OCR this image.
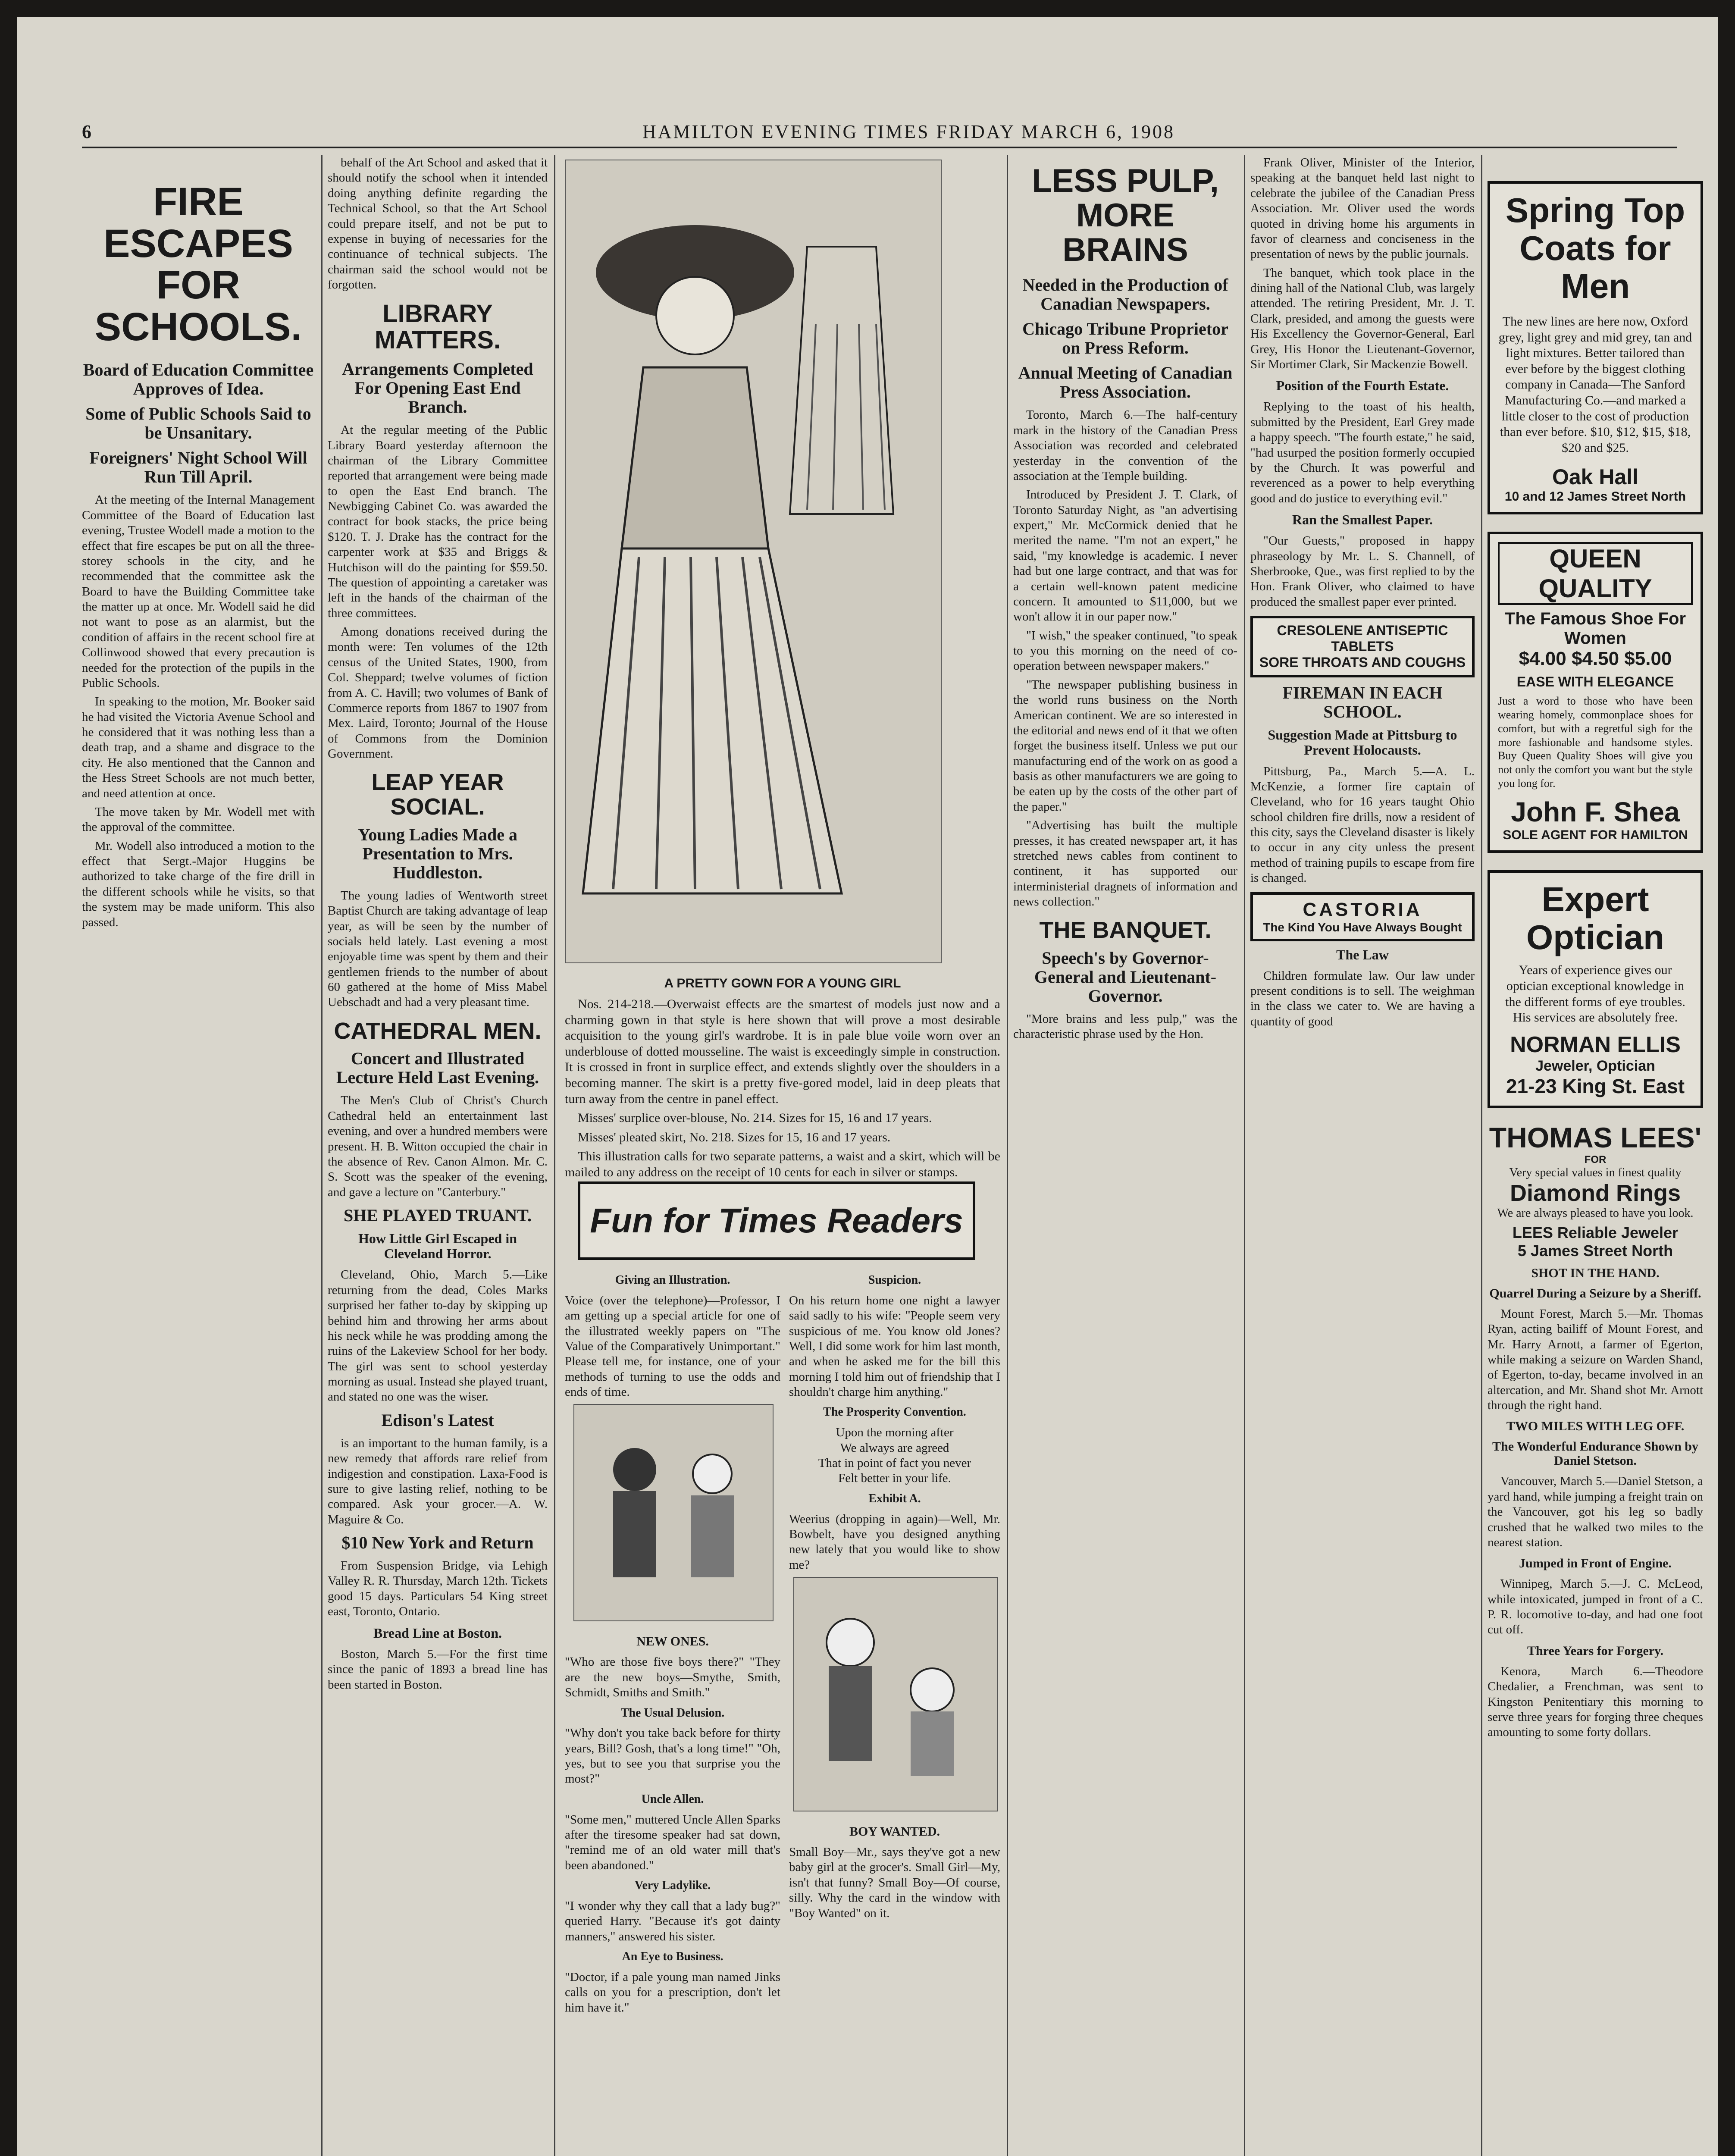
6	HAMILTON EVENING TIMES FRIDAY MARCH 6, 1908
FIRE ESCAPES FOR SCHOOLS.
Board of Education Committee Approves of Idea.
Some of Public Schools Said to be Unsanitary.
Foreigners' Night School Will Run Till April.

At the meeting of the Internal Management Committee of the Board of Education last evening, Trustee Wodell made a motion to the effect that fire escapes be put on all the three-storey schools in the city, and he recommended that the committee ask the Board to have the Building Committee take the matter up at once. Mr. Wodell said he did not want to pose as an alarmist, but the condition of affairs in the recent school fire at Collinwood showed that every precaution is needed for the protection of the pupils in the Public Schools.

In speaking to the motion, Mr. Booker said he had visited the Victoria Avenue School and he considered that it was nothing less than a death trap, and a shame and disgrace to the city. He also mentioned that the Cannon and the Hess Street Schools are not much better, and need attention at once.

The move taken by Mr. Wodell met with the approval of the committee.

Mr. Wodell also introduced a motion to the effect that Sergt.-Major Huggins be authorized to take charge of the fire drill in the different schools while he visits, so that the system may be made uniform. This also passed.

behalf of the Art School and asked that it should notify the school when it intended doing anything definite regarding the Technical School, so that the Art School could prepare itself, and not be put to expense in buying of necessaries for the continuance of technical subjects. The chairman said the school would not be forgotten.

LIBRARY MATTERS.
Arrangements Completed For Opening East End Branch.

At the regular meeting of the Public Library Board yesterday afternoon the chairman of the Library Committee reported that arrangement were being made to open the East End branch. The Newbigging Cabinet Co. was awarded the contract for book stacks, the price being $120. T. J. Drake has the contract for the carpenter work at $35 and Briggs & Hutchison will do the painting for $59.50. The question of appointing a caretaker was left in the hands of the chairman of the three committees.

Among donations received during the month were: Ten volumes of the 12th census of the United States, 1900, from Col. Sheppard; twelve volumes of fiction from A. C. Havill; two volumes of Bank of Commerce reports from 1867 to 1907 from Mex. Laird, Toronto; Journal of the House of Commons from the Dominion Government.

LEAP YEAR SOCIAL.
Young Ladies Made a Presentation to Mrs. Huddleston.

The young ladies of Wentworth street Baptist Church are taking advantage of leap year, as will be seen by the number of socials held lately. Last evening a most enjoyable time was spent by them and their gentlemen friends to the number of about 60 gathered at the home of Miss Mabel Uebschadt and had a very pleasant time.

CATHEDRAL MEN.
Concert and Illustrated Lecture Held Last Evening.

The Men's Club of Christ's Church Cathedral held an entertainment last evening, and over a hundred members were present. H. B. Witton occupied the chair in the absence of Rev. Canon Almon. Mr. C. S. Scott was the speaker of the evening, and gave a lecture on "Canterbury."

SHE PLAYED TRUANT.
How Little Girl Escaped in Cleveland Horror.

Cleveland, Ohio, March 5.—Like returning from the dead, Coles Marks surprised her father to-day by skipping up behind him and throwing her arms about his neck while he was prodding among the ruins of the Lakeview School for her body. The girl was sent to school yesterday morning as usual. Instead she played truant, and stated no one was the wiser.

Edison's Latest

is an important to the human family, is a new remedy that affords rare relief from indigestion and constipation. Laxa-Food is sure to give lasting relief, nothing to be compared. Ask your grocer.—A. W. Maguire & Co.

$10 New York and Return

From Suspension Bridge, via Lehigh Valley R. R. Thursday, March 12th. Tickets good 15 days. Particulars 54 King street east, Toronto, Ontario.

Bread Line at Boston.

Boston, March 5.—For the first time since the panic of 1893 a bread line has been started in Boston.

A PRETTY GOWN FOR A YOUNG GIRL

Nos. 214-218.—Overwaist effects are the smartest of models just now and a charming gown in that style is here shown that will prove a most desirable acquisition to the young girl's wardrobe. It is in pale blue voile worn over an underblouse of dotted mousseline. The waist is exceedingly simple in construction. It is crossed in front in surplice effect, and extends slightly over the shoulders in a becoming manner. The skirt is a pretty five-gored model, laid in deep pleats that turn away from the centre in panel effect.

Misses' surplice over-blouse, No. 214. Sizes for 15, 16 and 17 years.

Misses' pleated skirt, No. 218. Sizes for 15, 16 and 17 years.

This illustration calls for two separate patterns, a waist and a skirt, which will be mailed to any address on the receipt of 10 cents for each in silver or stamps.

Fun for Times Readers
Giving an Illustration.
Voice (over the telephone)—Professor, I am getting up a special article for one of the illustrated weekly papers on "The Value of the Comparatively Unimportant." Please tell me, for instance, one of your methods of turning to use the odds and ends of time.
NEW ONES.
"Who are those five boys there?" "They are the new boys—Smythe, Smith, Schmidt, Smiths and Smith."
The Usual Delusion.
"Why don't you take back before for thirty years, Bill? Gosh, that's a long time!" "Oh, yes, but to see you that surprise you the most?"
Uncle Allen.
"Some men," muttered Uncle Allen Sparks after the tiresome speaker had sat down, "remind me of an old water mill that's been abandoned."
Very Ladylike.
"I wonder why they call that a lady bug?" queried Harry. "Because it's got dainty manners," answered his sister.
An Eye to Business.
"Doctor, if a pale young man named Jinks calls on you for a prescription, don't let him have it."
Suspicion.
On his return home one night a lawyer said sadly to his wife: "People seem very suspicious of me. You know old Jones? Well, I did some work for him last month, and when he asked me for the bill this morning I told him out of friendship that I shouldn't charge him anything."
The Prosperity Convention.
Upon the morning after
We always are agreed
That in point of fact you never
Felt better in your life.
Exhibit A.
Weerius (dropping in again)—Well, Mr. Bowbelt, have you designed anything new lately that you would like to show me?
BOY WANTED.
Small Boy—Mr., says they've got a new baby girl at the grocer's. Small Girl—My, isn't that funny? Small Boy—Of course, silly. Why the card in the window with "Boy Wanted" on it.
LESS PULP, MORE BRAINS
Needed in the Production of Canadian Newspapers.
Chicago Tribune Proprietor on Press Reform.
Annual Meeting of Canadian Press Association.

Toronto, March 6.—The half-century mark in the history of the Canadian Press Association was recorded and celebrated yesterday in the convention of the association at the Temple building.

Introduced by President J. T. Clark, of Toronto Saturday Night, as "an advertising expert," Mr. McCormick denied that he merited the name. "I'm not an expert," he said, "my knowledge is academic. I never had but one large contract, and that was for a certain well-known patent medicine concern. It amounted to $11,000, but we won't allow it in our paper now."

"I wish," the speaker continued, "to speak to you this morning on the need of co-operation between newspaper makers."

"The newspaper publishing business in the world runs business on the North American continent. We are so interested in the editorial and news end of it that we often forget the business itself. Unless we put our manufacturing end of the work on as good a basis as other manufacturers we are going to be eaten up by the costs of the other part of the paper."

"Advertising has built the multiple presses, it has created newspaper art, it has stretched news cables from continent to continent, it has supported our interministerial dragnets of information and news collection."

THE BANQUET.
Speech's by Governor-General and Lieutenant-Governor.

"More brains and less pulp," was the characteristic phrase used by the Hon.

Frank Oliver, Minister of the Interior, speaking at the banquet held last night to celebrate the jubilee of the Canadian Press Association. Mr. Oliver used the words quoted in driving home his arguments in favor of clearness and conciseness in the presentation of news by the public journals.

The banquet, which took place in the dining hall of the National Club, was largely attended. The retiring President, Mr. J. T. Clark, presided, and among the guests were His Excellency the Governor-General, Earl Grey, His Honor the Lieutenant-Governor, Sir Mortimer Clark, Sir Mackenzie Bowell.

Position of the Fourth Estate.

Replying to the toast of his health, submitted by the President, Earl Grey made a happy speech. "The fourth estate," he said, "had usurped the position formerly occupied by the Church. It was powerful and reverenced as a power to help everything good and do justice to everything evil."

Ran the Smallest Paper.

"Our Guests," proposed in happy phraseology by Mr. L. S. Channell, of Sherbrooke, Que., was first replied to by the Hon. Frank Oliver, who claimed to have produced the smallest paper ever printed.

CRESOLENE ANTISEPTIC TABLETS
SORE THROATS AND COUGHS
FIREMAN IN EACH SCHOOL.
Suggestion Made at Pittsburg to Prevent Holocausts.

Pittsburg, Pa., March 5.—A. L. McKenzie, a former fire captain of Cleveland, who for 16 years taught Ohio school children fire drills, now a resident of this city, says the Cleveland disaster is likely to occur in any city unless the present method of training pupils to escape from fire is changed.

CASTORIA
The Kind You Have Always Bought
The Law

Children formulate law. Our law under present conditions is to sell. The weighman in the class we cater to. We are having a quantity of good

Spring Top Coats for Men
The new lines are here now, Oxford grey, light grey and mid grey, tan and light mixtures. Better tailored than ever before by the biggest clothing company in Canada—The Sanford Manufacturing Co.—and marked a little closer to the cost of production than ever before. $10, $12, $15, $18, $20 and $25.
Oak Hall
10 and 12 James Street North
QUEEN QUALITY
The Famous Shoe For Women
$4.00 $4.50 $5.00
EASE WITH ELEGANCE
Just a word to those who have been wearing homely, commonplace shoes for comfort, but with a regretful sigh for the more fashionable and handsome styles. Buy Queen Quality Shoes will give you not only the comfort you want but the style you long for.
John F. Shea
SOLE AGENT FOR HAMILTON
Expert Optician
Years of experience gives our optician exceptional knowledge in the different forms of eye troubles. His services are absolutely free.
NORMAN ELLIS
Jeweler, Optician
21-23 King St. East
THOMAS LEES'
FOR
Very special values in finest quality
Diamond Rings
We are always pleased to have you look.
LEES Reliable Jeweler
5 James Street North
SHOT IN THE HAND.
Quarrel During a Seizure by a Sheriff.

Mount Forest, March 5.—Mr. Thomas Ryan, acting bailiff of Mount Forest, and Mr. Harry Arnott, a farmer of Egerton, while making a seizure on Warden Shand, of Egerton, to-day, became involved in an altercation, and Mr. Shand shot Mr. Arnott through the right hand.

TWO MILES WITH LEG OFF.
The Wonderful Endurance Shown by Daniel Stetson.

Vancouver, March 5.—Daniel Stetson, a yard hand, while jumping a freight train on the Vancouver, got his leg so badly crushed that he walked two miles to the nearest station.

Jumped in Front of Engine.

Winnipeg, March 5.—J. C. McLeod, while intoxicated, jumped in front of a C. P. R. locomotive to-day, and had one foot cut off.

Three Years for Forgery.

Kenora, March 6.—Theodore Chedalier, a Frenchman, was sent to Kingston Penitentiary this morning to serve three years for forging three cheques amounting to some forty dollars.
